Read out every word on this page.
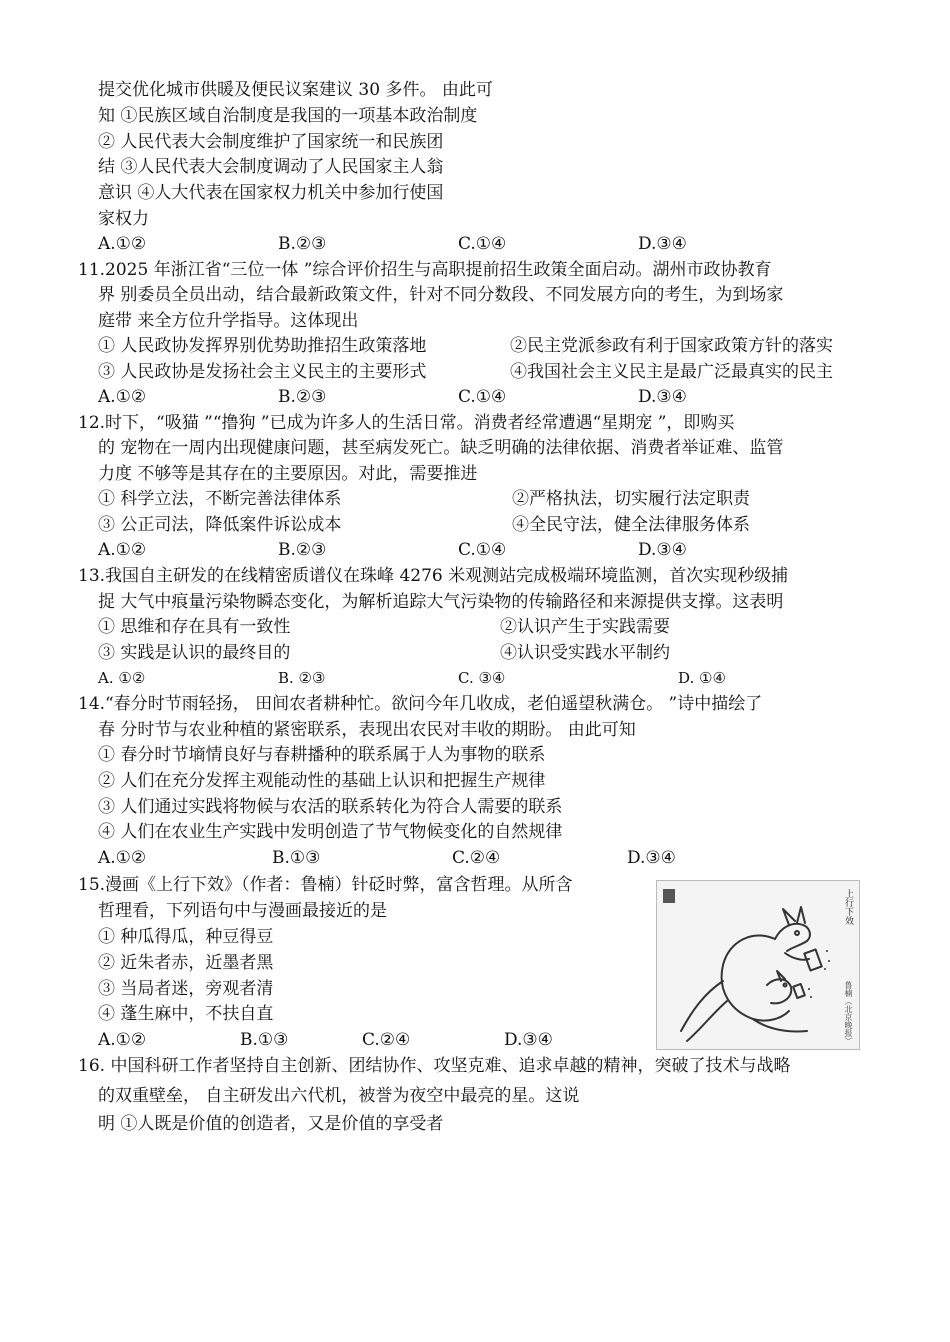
提交优化城市供暖及便民议案建议 30 多件。 由此可
知 ①民族区域自治制度是我国的一项基本政治制度
② 人民代表大会制度维护了国家统一和民族团
结 ③人民代表大会制度调动了人民国家主人翁
意识 ④人大代表在国家权力机关中参加行使国
家权力
A.①②	B.②③	C.①④	D.③④
11.2025 年浙江省“三位一体 ”综合评价招生与高职提前招生政策全面启动。湖州市政协教育
界 别委员全员出动，结合最新政策文件，针对不同分数段、不同发展方向的考生，为到场家
庭带 来全方位升学指导。这体现出
① 人民政协发挥界别优势助推招生政策落地	②民主党派参政有利于国家政策方针的落实
③ 人民政协是发扬社会主义民主的主要形式	④我国社会主义民主是最广泛最真实的民主
A.①②	B.②③	C.①④	D.③④
12.时下，“吸猫 ”“撸狗 ”已成为许多人的生活日常。消费者经常遭遇“星期宠 ”，即购买
的 宠物在一周内出现健康问题，甚至病发死亡。缺乏明确的法律依据、消费者举证难、监管
力度 不够等是其存在的主要原因。对此，需要推进
① 科学立法，不断完善法律体系	②严格执法，切实履行法定职责
③ 公正司法，降低案件诉讼成本	④全民守法，健全法律服务体系
A.①②	B.②③	C.①④	D.③④
13.我国自主研发的在线精密质谱仪在珠峰 4276 米观测站完成极端环境监测，首次实现秒级捕
捉 大气中痕量污染物瞬态变化，为解析追踪大气污染物的传输路径和来源提供支撑。这表明
① 思维和存在具有一致性	②认识产生于实践需要
③ 实践是认识的最终目的	④认识受实践水平制约
A. ①②	B. ②③	C. ③④	D. ①④
14.“春分时节雨轻扬， 田间农者耕种忙。欲问今年几收成，老伯遥望秋满仓。 ”诗中描绘了
春 分时节与农业种植的紧密联系，表现出农民对丰收的期盼。 由此可知
① 春分时节墒情良好与春耕播种的联系属于人为事物的联系
② 人们在充分发挥主观能动性的基础上认识和把握生产规律
③ 人们通过实践将物候与农活的联系转化为符合人需要的联系
④ 人们在农业生产实践中发明创造了节气物候变化的自然规律
A.①②	B.①③	C.②④	D.③④
15.漫画《上行下效》（作者：鲁楠）针砭时弊，富含哲理。从所含
哲理看，下列语句中与漫画最接近的是
① 种瓜得瓜，种豆得豆
② 近朱者赤，近墨者黑
③ 当局者迷，旁观者清
④ 蓬生麻中，不扶自直
A.①②	B.①③	C.②④	D.③④
上行下效
鲁楠（北京晚报）
16. 中国科研工作者坚持自主创新、团结协作、攻坚克难、追求卓越的精神，突破了技术与战略
的双重壁垒， 自主研发出六代机，被誉为夜空中最亮的星。这说
明 ①人既是价值的创造者，又是价值的享受者
